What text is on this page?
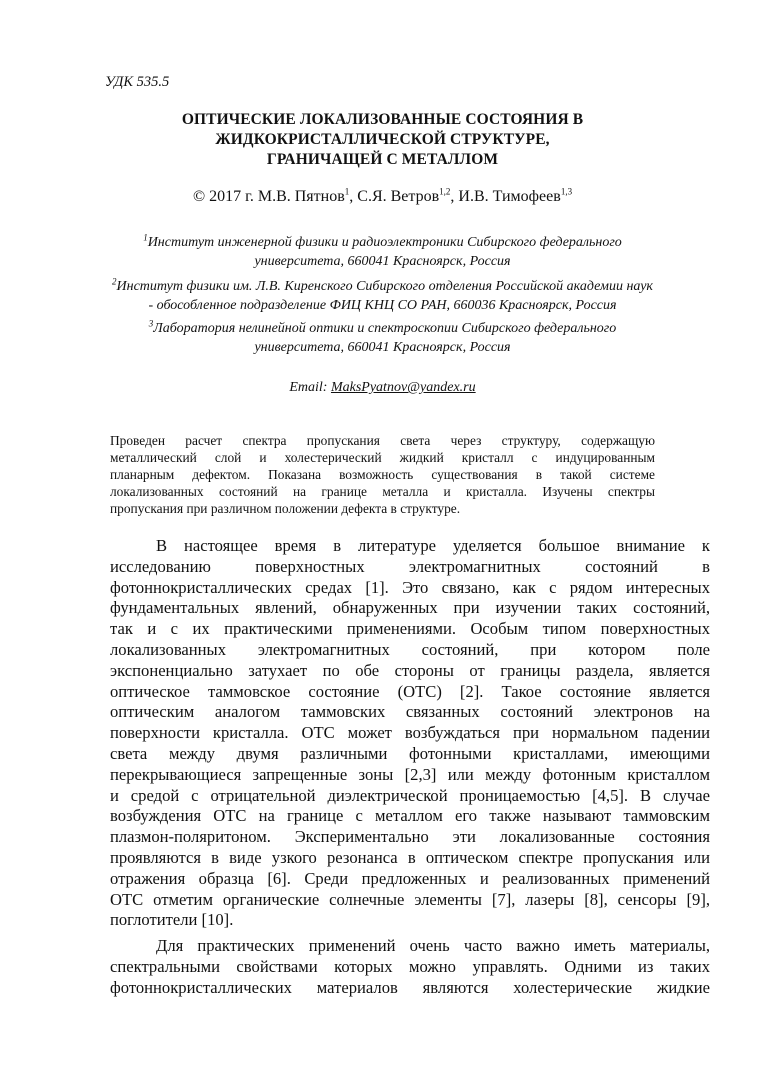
УДК 535.5
ОПТИЧЕСКИЕ ЛОКАЛИЗОВАННЫЕ СОСТОЯНИЯ В
ЖИДКОКРИСТАЛЛИЧЕСКОЙ СТРУКТУРЕ,
ГРАНИЧАЩЕЙ С МЕТАЛЛОМ
© 2017 г. М.В. Пятнов$^1$, С.Я. Ветров$^{1,2}$, И.В. Тимофеев$^{1,3}$
$^1$Институт инженерной физики и радиоэлектроники Сибирского федерального
университета, 660041 Красноярск, Россия
$^2$Институт физики им. Л.В. Киренского Сибирского отделения Российской академии наук
- обособленное подразделение ФИЦ КНЦ СО РАН, 660036 Красноярск, Россия
$^3$Лаборатория нелинейной оптики и спектроскопии Сибирского федерального
университета, 660041 Красноярск, Россия
Email: MaksPyatnov@yandex.ru
Проведен расчет спектра пропускания света через структуру, содержащую
металлический слой и холестерический жидкий кристалл с индуцированным
планарным дефектом. Показана возможность существования в такой системе
локализованных состояний на границе металла и кристалла. Изучены спектры
пропускания при различном положении дефекта в структуре.
В настоящее время в литературе уделяется большое внимание к
исследованию поверхностных электромагнитных состояний в
фотоннокристаллических средах [1]. Это связано, как с рядом интересных
фундаментальных явлений, обнаруженных при изучении таких состояний,
так и с их практическими применениями. Особым типом поверхностных
локализованных электромагнитных состояний, при котором поле
экспоненциально затухает по обе стороны от границы раздела, является
оптическое таммовское состояние (ОТС) [2]. Такое состояние является
оптическим аналогом таммовских связанных состояний электронов на
поверхности кристалла. ОТС может возбуждаться при нормальном падении
света между двумя различными фотонными кристаллами, имеющими
перекрывающиеся запрещенные зоны [2,3] или между фотонным кристаллом
и средой с отрицательной диэлектрической проницаемостью [4,5]. В случае
возбуждения ОТС на границе с металлом его также называют таммовским
плазмон-поляритоном. Экспериментально эти локализованные состояния
проявляются в виде узкого резонанса в оптическом спектре пропускания или
отражения образца [6]. Среди предложенных и реализованных применений
ОТС отметим органические солнечные элементы [7], лазеры [8], сенсоры [9],
поглотители [10].
Для практических применений очень часто важно иметь материалы,
спектральными свойствами которых можно управлять. Одними из таких
фотоннокристаллических материалов являются холестерические жидкие
